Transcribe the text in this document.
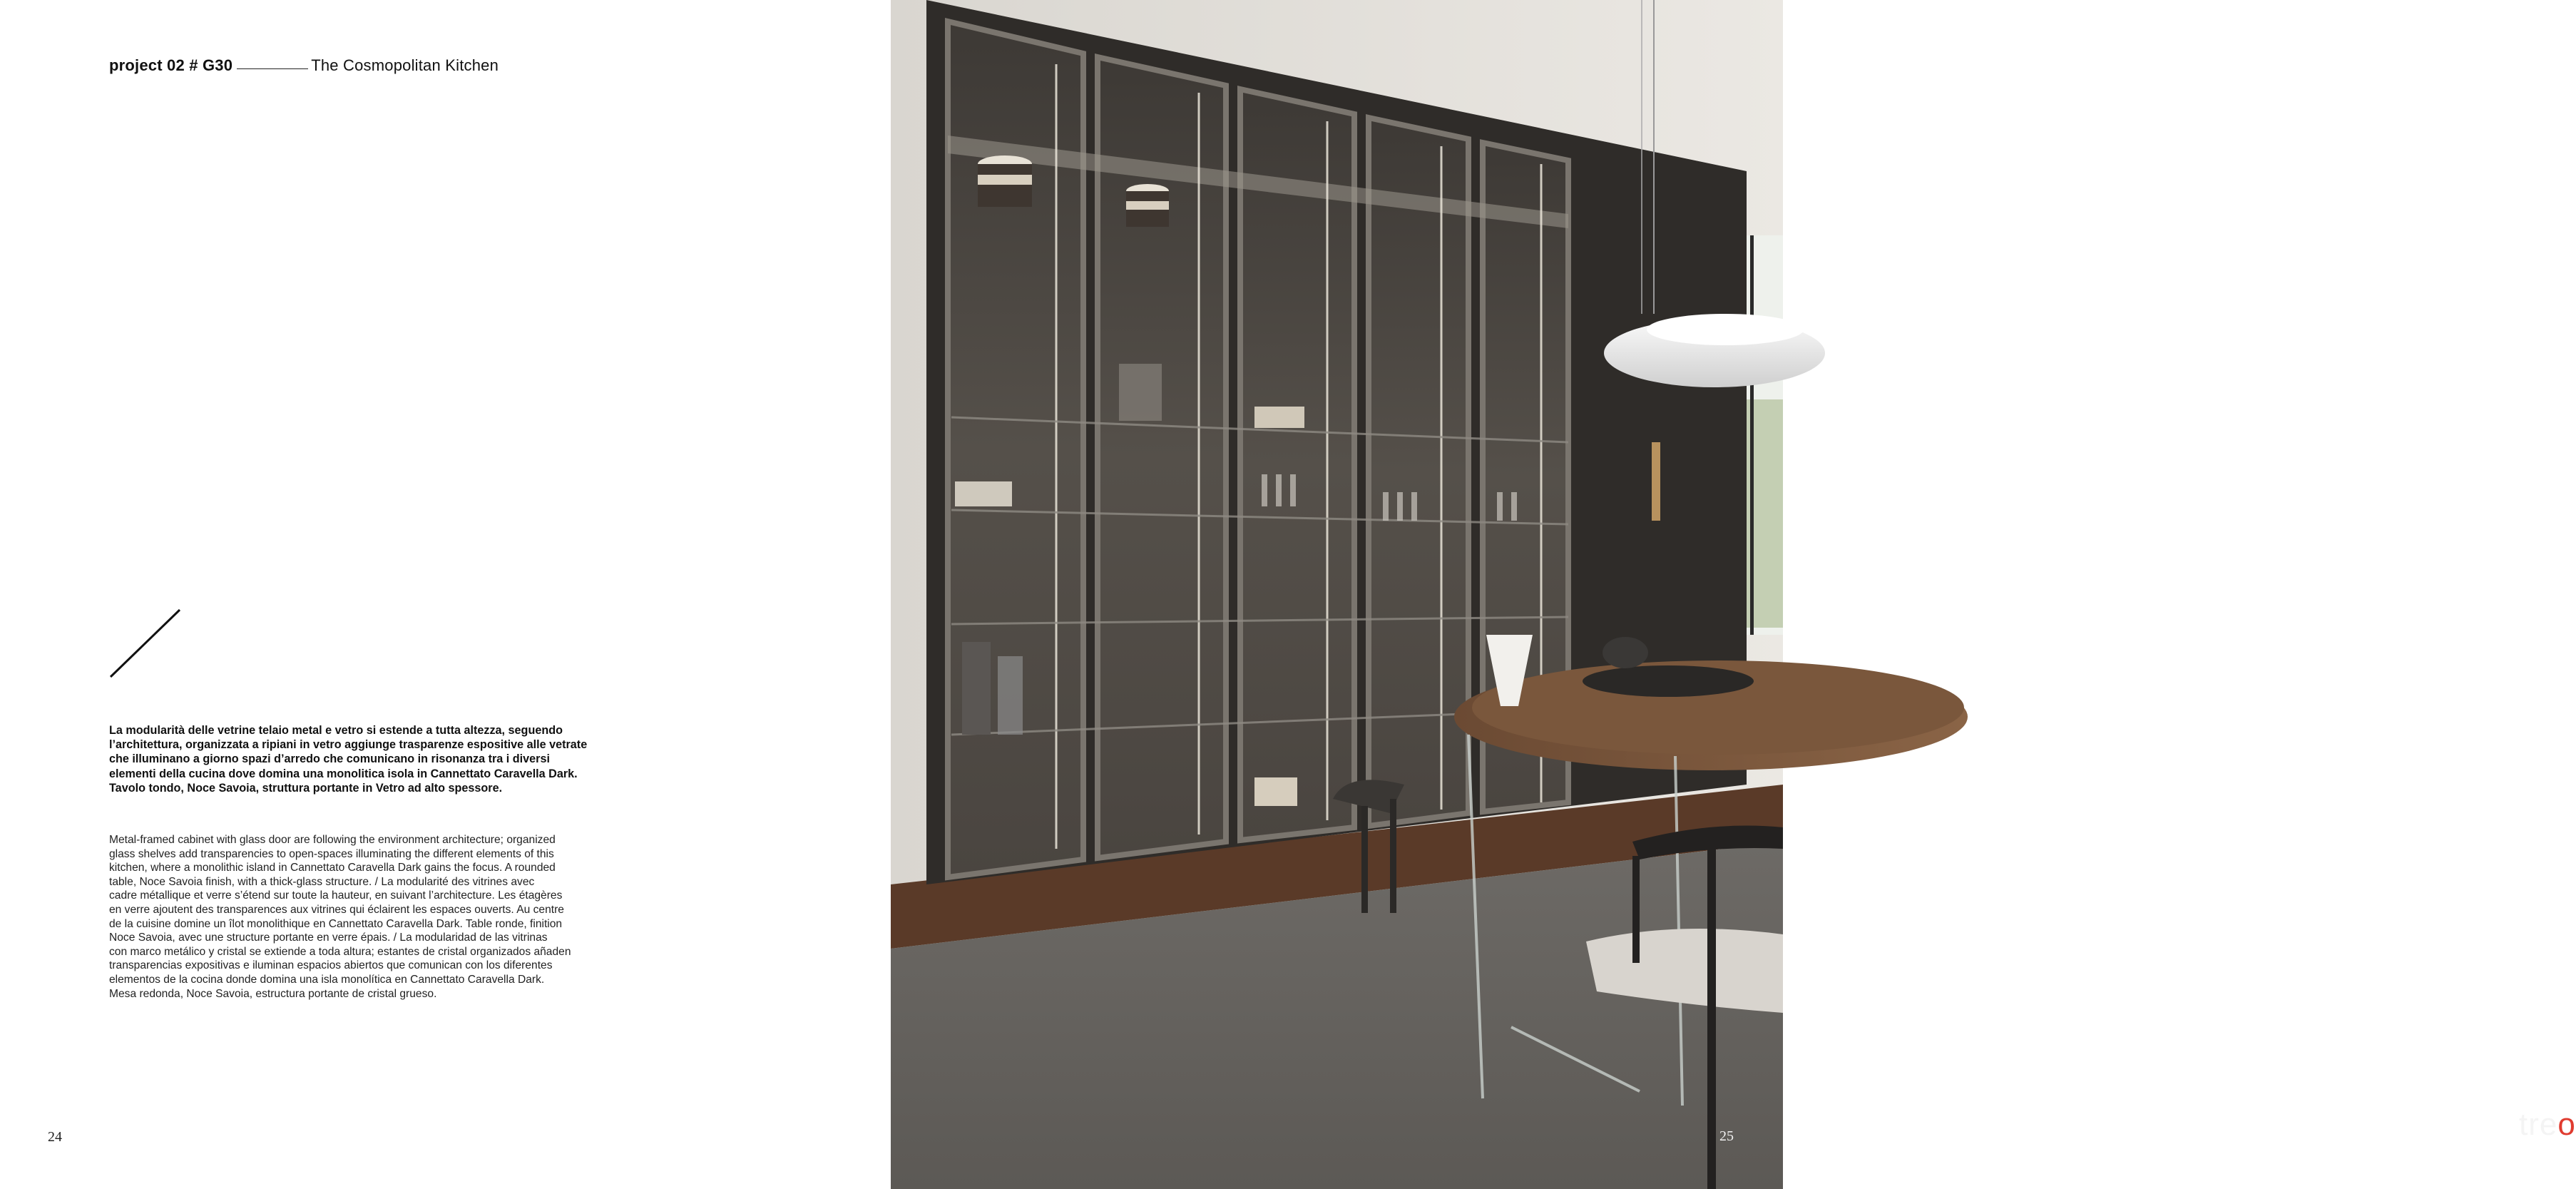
project 02 # G30	The Cosmopolitan Kitchen

La modularità delle vetrine telaio metal e vetro si estende a tutta altezza, seguendo
l’architettura, organizzata a ripiani in vetro aggiunge trasparenze espositive alle vetrate
che illuminano a giorno spazi d’arredo che comunicano in risonanza tra i diversi
elementi della cucina dove domina una monolitica isola in Cannettato Caravella Dark.
Tavolo tondo, Noce Savoia, struttura portante in Vetro ad alto spessore.

Metal-framed cabinet with glass door are following the environment architecture; organized
glass shelves add transparencies to open-spaces illuminating the different elements of this
kitchen, where a monolithic island in Cannettato Caravella Dark gains the focus. A rounded
table, Noce Savoia finish, with a thick-glass structure. / La modularité des vitrines avec
cadre métallique et verre s’étend sur toute la hauteur, en suivant l’architecture. Les étagères
en verre ajoutent des transparences aux vitrines qui éclairent les espaces ouverts. Au centre
de la cuisine domine un îlot monolithique en Cannettato Caravella Dark. Table ronde, finition
Noce Savoia, avec une structure portante en verre épais. / La modularidad de las vitrinas
con marco metálico y cristal se extiende a toda altura; estantes de cristal organizados añaden
transparencias expositivas e iluminan espacios abiertos que comunican con los diferentes
elementos de la cocina donde domina una isla monolítica en Cannettato Caravella Dark.
Mesa redonda, Noce Savoia, estructura portante de cristal grueso.

24	treo
25
